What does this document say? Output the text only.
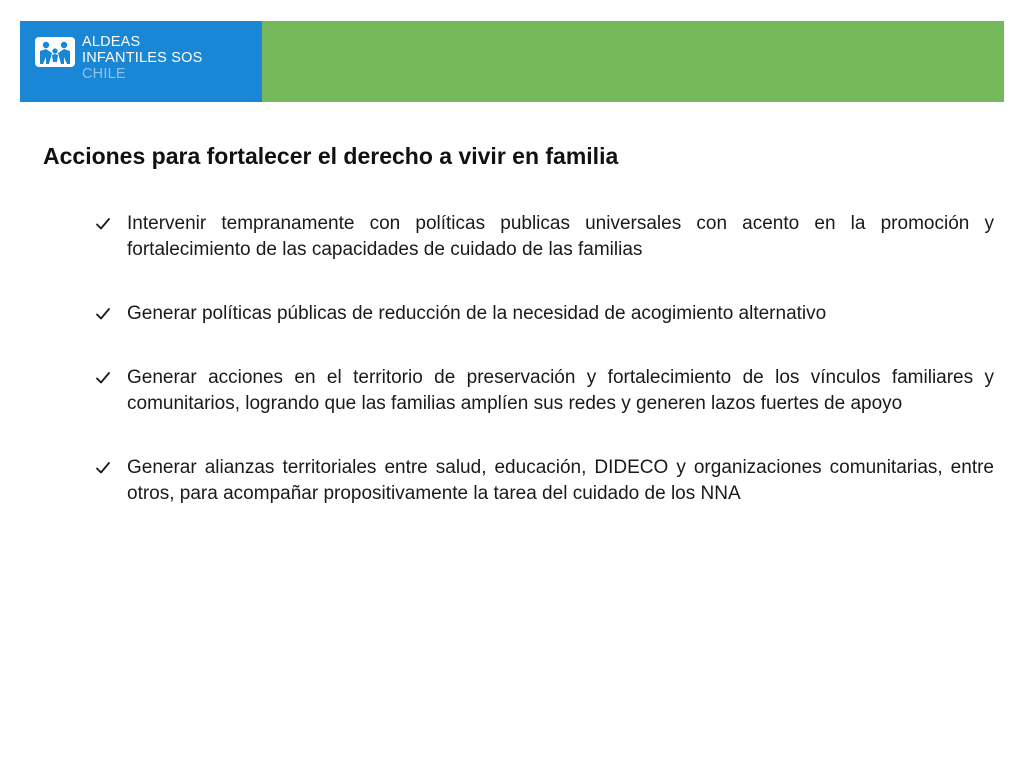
ALDEAS
INFANTILES SOS
CHILE
Acciones para fortalecer el derecho a vivir en familia
Intervenir tempranamente con políticas publicas universales con acento en la promoción y fortalecimiento de las capacidades de cuidado de las familias
Generar políticas públicas de reducción de la necesidad de acogimiento alternativo
Generar acciones en el territorio de preservación y fortalecimiento de los vínculos familiares y comunitarios, logrando que las familias amplíen sus redes y generen lazos fuertes de apoyo
Generar alianzas territoriales entre salud, educación, DIDECO y organizaciones comunitarias, entre otros, para acompañar propositivamente la tarea del cuidado de los NNA
